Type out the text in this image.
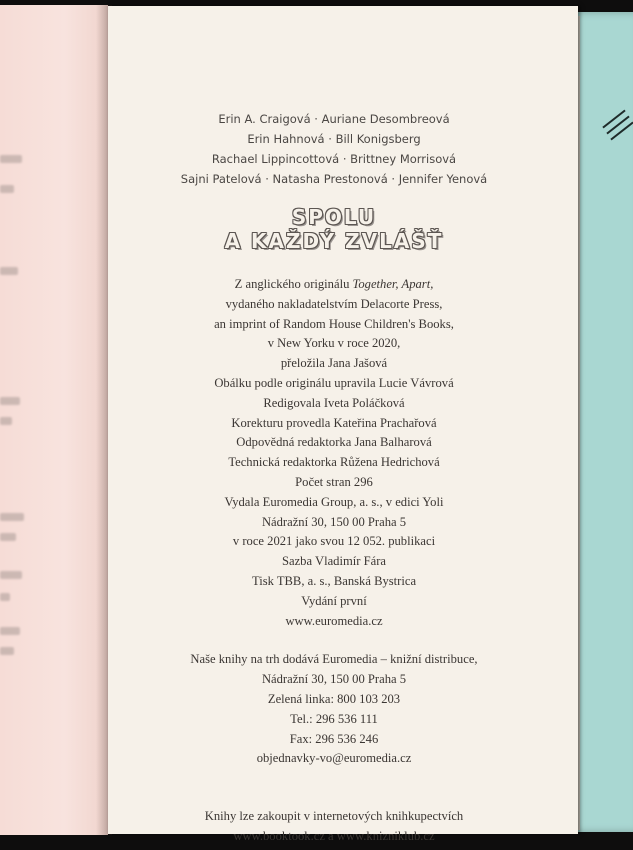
Erin A. Craigová · Auriane Desombreová
Erin Hahnová · Bill Konigsberg
Rachael Lippincottová · Brittney Morrisová
Sajni Patelová · Natasha Prestonová · Jennifer Yenová
SPOLU
A KAŽDÝ ZVLÁŠŤ
Z anglického originálu Together, Apart,
vydaného nakladatelstvím Delacorte Press,
an imprint of Random House Children's Books,
v New Yorku v roce 2020,
přeložila Jana Jašová
Obálku podle originálu upravila Lucie Vávrová
Redigovala Iveta Poláčková
Korekturu provedla Kateřina Prachařová
Odpovědná redaktorka Jana Balharová
Technická redaktorka Růžena Hedrichová
Počet stran 296
Vydala Euromedia Group, a. s., v edici Yoli
Nádražní 30, 150 00 Praha 5
v roce 2021 jako svou 12 052. publikaci
Sazba Vladimír Fára
Tisk TBB, a. s., Banská Bystrica
Vydání první
www.euromedia.cz
Naše knihy na trh dodává Euromedia – knižní distribuce,
Nádražní 30, 150 00 Praha 5
Zelená linka: 800 103 203
Tel.: 296 536 111
Fax: 296 536 246
objednavky-vo@euromedia.cz
Knihy lze zakoupit v internetových knihkupectvích
www.booktook.cz a www.knizniklub.cz
